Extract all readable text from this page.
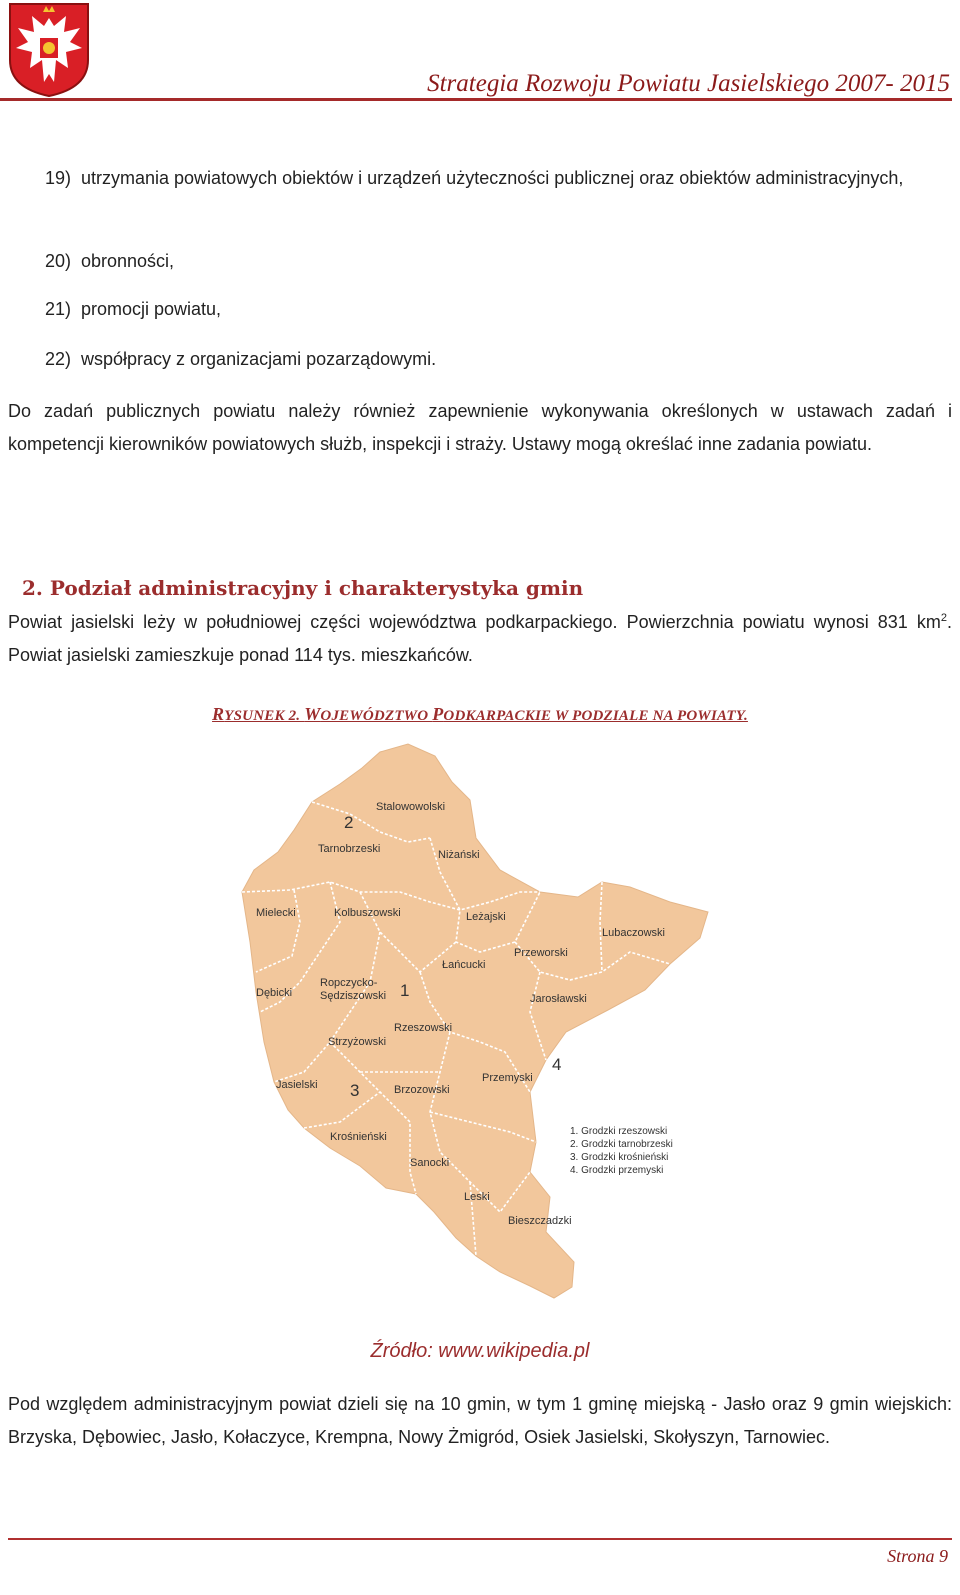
Strategia Rozwoju Powiatu Jasielskiego 2007- 2015
19) utrzymania powiatowych obiektów i urządzeń użyteczności publicznej oraz obiektów administracyjnych,
20) obronności,
21) promocji powiatu,
22) współpracy z organizacjami pozarządowymi.

Do zadań publicznych powiatu należy również zapewnienie wykonywania określonych w ustawach zadań i kompetencji kierowników powiatowych służb, inspekcji i straży. Ustawy mogą określać inne zadania powiatu.

2. Podział administracyjny i charakterystyka gmin

Powiat jasielski leży w południowej części województwa podkarpackiego. Powierzchnia powiatu wynosi 831 $km^2$. Powiat jasielski zamieszkuje ponad 114 tys. mieszkańców.

RYSUNEK 2. WOJEWÓDZTWO PODKARPACKIE W PODZIALE NA POWIATY.
Stalowowolski
Tarnobrzeski	Niżański
Mielecki	Kolbuszowski	Leżajski
Lubaczowski
Przeworski
Łańcucki
Ropczycko-
Sędziszowski
Dębicki	Jarosławski
Rzeszowski
Strzyżowski
Jasielski	Brzozowski
Przemyski
Krośnieński
Sanocki
Leski
Bieszczadzki
1
2
3
4
1. Grodzki rzeszowski
2. Grodzki tarnobrzeski
3. Grodzki krośnieński
4. Grodzki przemyski
Źródło: www.wikipedia.pl

Pod względem administracyjnym powiat dzieli się na 10 gmin, w tym 1 gminę miejską - Jasło oraz 9 gmin wiejskich: Brzyska, Dębowiec, Jasło, Kołaczyce, Krempna, Nowy Żmigród, Osiek Jasielski, Skołyszyn, Tarnowiec.

Strona 9
